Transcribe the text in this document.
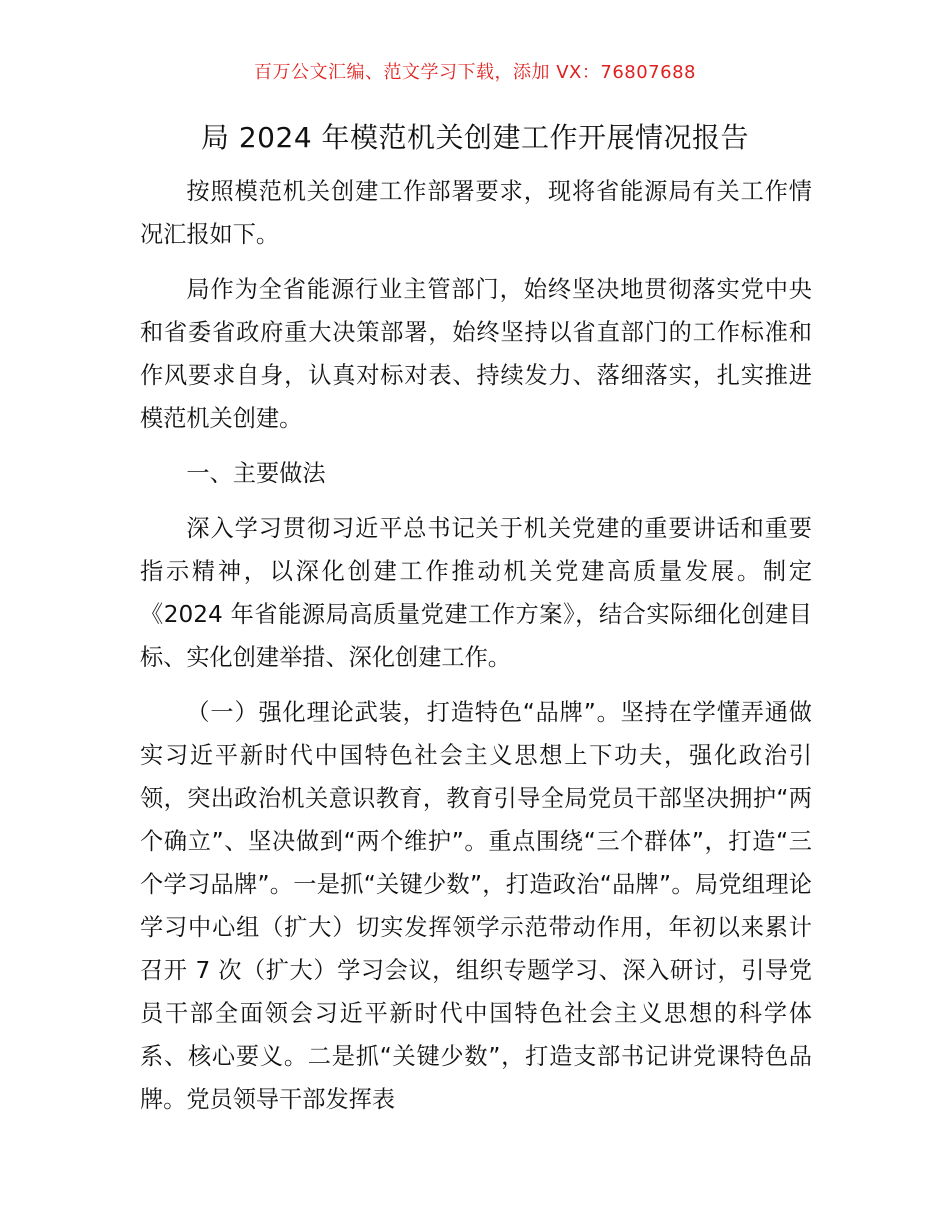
百万公文汇编、范文学习下载，添加 VX：76807688
局 2024 年模范机关创建工作开展情况报告

按照模范机关创建工作部署要求，现将省能源局有关工作情况汇报如下。

局作为全省能源行业主管部门，始终坚决地贯彻落实党中央和省委省政府重大决策部署，始终坚持以省直部门的工作标准和作风要求自身，认真对标对表、持续发力、落细落实，扎实推进模范机关创建。

一、主要做法

深入学习贯彻习近平总书记关于机关党建的重要讲话和重要指示精神，以深化创建工作推动机关党建高质量发展。制定《2024 年省能源局高质量党建工作方案》，结合实际细化创建目标、实化创建举措、深化创建工作。

（一）强化理论武装，打造特色“品牌”。坚持在学懂弄通做实习近平新时代中国特色社会主义思想上下功夫，强化政治引领，突出政治机关意识教育，教育引导全局党员干部坚决拥护“两个确立”、坚决做到“两个维护”。重点围绕“三个群体”，打造“三个学习品牌”。一是抓“关键少数”，打造政治“品牌”。局党组理论学习中心组（扩大）切实发挥领学示范带动作用，年初以来累计召开 7 次（扩大）学习会议，组织专题学习、深入研讨，引导党员干部全面领会习近平新时代中国特色社会主义思想的科学体系、核心要义。二是抓“关键少数”，打造支部书记讲党课特色品牌。党员领导干部发挥表
